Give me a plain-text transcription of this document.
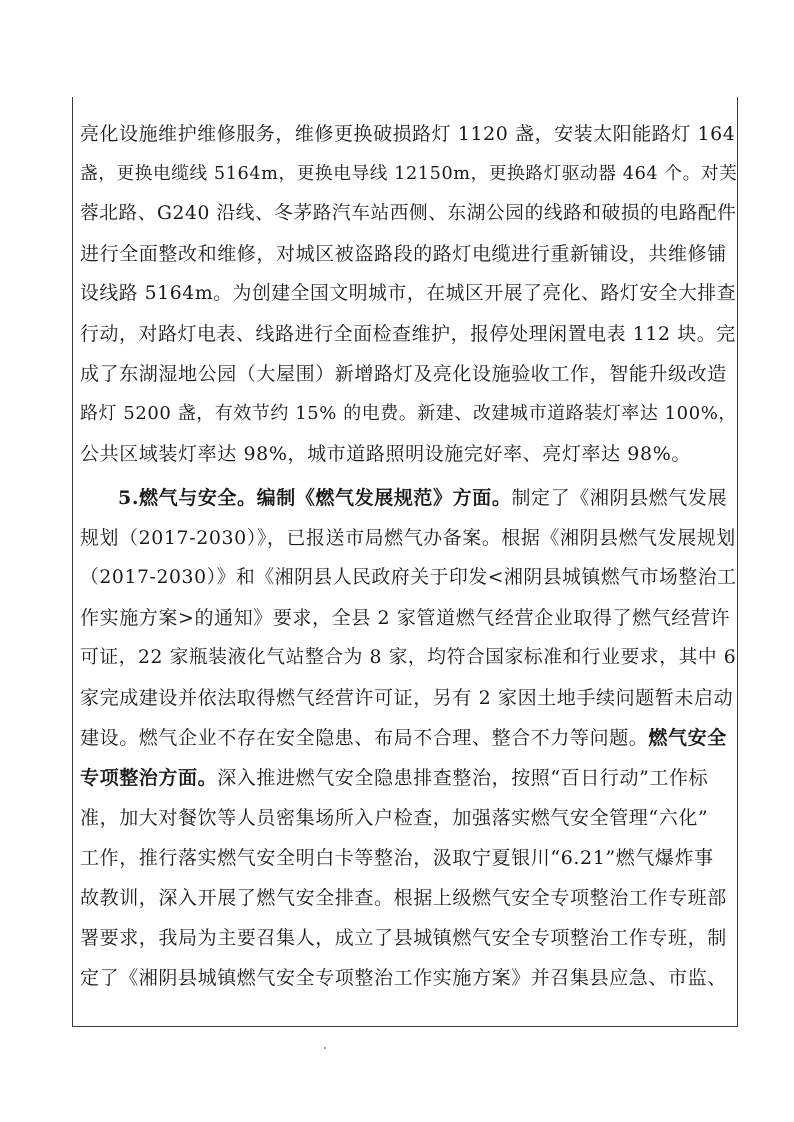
亮化设施维护维修服务，维修更换破损路灯 1120 盏，安装太阳能路灯 164
盏，更换电缆线 5164m，更换电导线 12150m，更换路灯驱动器 464 个。对芙
蓉北路、G240 沿线、冬茅路汽车站西侧、东湖公园的线路和破损的电路配件
进行全面整改和维修，对城区被盗路段的路灯电缆进行重新铺设，共维修铺
设线路 5164m。为创建全国文明城市，在城区开展了亮化、路灯安全大排查
行动，对路灯电表、线路进行全面检查维护，报停处理闲置电表 112 块。完
成了东湖湿地公园（大屋围）新增路灯及亮化设施验收工作，智能升级改造
路灯 5200 盏，有效节约 15% 的电费。新建、改建城市道路装灯率达 100%，
公共区域装灯率达 98%，城市道路照明设施完好率、亮灯率达 98%。
5.燃气与安全。编制《燃气发展规范》方面。制定了《湘阴县燃气发展
规划（2017-2030）》，已报送市局燃气办备案。根据《湘阴县燃气发展规划
（2017-2030）》和《湘阴县人民政府关于印发<湘阴县城镇燃气市场整治工
作实施方案>的通知》要求，全县 2 家管道燃气经营企业取得了燃气经营许
可证，22 家瓶装液化气站整合为 8 家，均符合国家标准和行业要求，其中 6
家完成建设并依法取得燃气经营许可证，另有 2 家因土地手续问题暂未启动
建设。燃气企业不存在安全隐患、布局不合理、整合不力等问题。燃气安全
专项整治方面。深入推进燃气安全隐患排查整治，按照“百日行动”工作标
准，加大对餐饮等人员密集场所入户检查，加强落实燃气安全管理“六化”
工作，推行落实燃气安全明白卡等整治，汲取宁夏银川“6.21”燃气爆炸事
故教训，深入开展了燃气安全排查。根据上级燃气安全专项整治工作专班部
署要求，我局为主要召集人，成立了县城镇燃气安全专项整治工作专班，制
定了《湘阴县城镇燃气安全专项整治工作实施方案》并召集县应急、市监、
